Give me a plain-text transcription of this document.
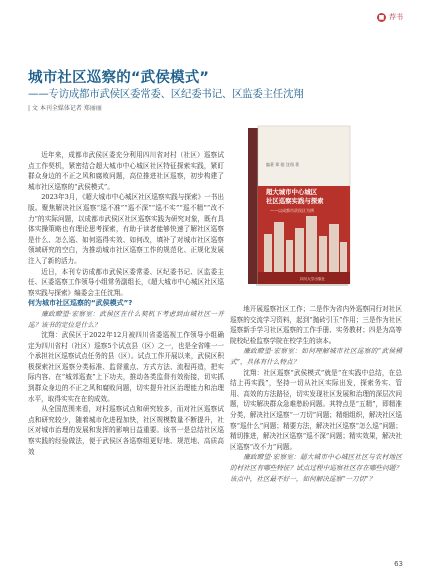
■ 荐书
城市社区巡察的“武侯模式”
——专访成都市武侯区委常委、区纪委书记、区监委主任沈翔
| 文 本刊全媒体记者 郑丽丽
编著 郑 骏 沈翔 著
超大城市中心城区
社区巡察实践与探索
——以成都市武侯区为例
四川大学出版社

近年来，成都市武侯区委充分利用四川省对村（社区）巡察试点工作契机，紧密结合超大城市中心城区社区特征探索实践，紧盯群众身边的不正之风和腐败问题，高位推进社区巡察，初步构建了城市社区巡察的“武侯模式”。

2023年3月，《超大城市中心城区社区巡察实践与探索》一书出版。聚焦解决社区巡察“巡不准”“巡不深”“巡不实”“巡不精”“改不力”的实际问题，以成都市武侯区社区巡察实践为研究对象，既有具体实操策略也有理论思考探索，有助于读者能够快速了解社区巡察是什么、怎么巡、如何巡得实效、如何改，填补了对城市社区巡察领域研究的空白，为推动城市社区巡察工作的规范化、正规化发展注入了新的活力。

近日，本刊专访成都市武侯区委常委、区纪委书记、区监委主任、区委巡察工作领导小组常务副组长，《超大城市中心城区社区巡察实践与探索》编委会主任沈翔。

何为城市社区巡察的“武侯模式”?

廉政瞭望·宏察室：武侯区在什么契机下考虑到由城社区一并巡？该书的定位是什么？

沈翔：武侯区于2022年12月被四川省委巡视工作领导小组确定为四川省村（社区）巡察5个试点县（区）之一，也是全省唯一一个承担社区巡察试点任务的县（区）。试点工作开展以来，武侯区积极探索社区巡察分类标准、监督重点、方式方法、流程再造，把实际内容、在“城郊巡查”上下功夫，推动各类监督有效衔接，切实抓到群众身边的不正之风和腐败问题，切实提升社区治理能力和治理水平，取得实实在在的成效。

从全国范围来看，对村巡察试点和研究较多，而对社区巡察试点和研究较少，随着城市化进程加快，社区规模数量不断提升，社区对城市治理的发展和发挥的影响日益重要。该书一是总结社区巡察实践的经验做法，便于武侯区各巡察组更好地、规范地、高质高效

地开展巡察社区工作；二是作为省内外巡察同行对社区巡察的交流学习资料，起到“抛砖引玉”作用；三是作为社区巡察新手学习社区巡察的工作手册、实务教材；四是为高等院校纪检监察学院在校学生的读本。

廉政瞭望·宏察室：如何理解城市社区巡察的“武侯模式”，具体有什么特点？

沈翔：社区巡察“武侯模式”就是“在实践中总结，在总结上再实践”，坚持一切从社区实际出发，探索务实、管用、高效的方法路径，切实发现社区发展和治理的深层次问题，切实解决群众急难愁盼问题。其特点是“五精”，即精准分类，解决社区巡察“一刀切”问题；精细组织，解决社区巡察“巡什么”问题；精要方法，解决社区巡察“怎么巡”问题；精切推进，解决社区巡察“巡不深”问题；精实效果，解决社区巡察“改不力”问题。

廉政瞭望·宏察室：超大城市中心城区社区与农村地区的村社区有哪些特征？试点过程中巡察社区存在哪些问题？该点中，社区最不好一，如何解决巡察“一刀切”？

63
